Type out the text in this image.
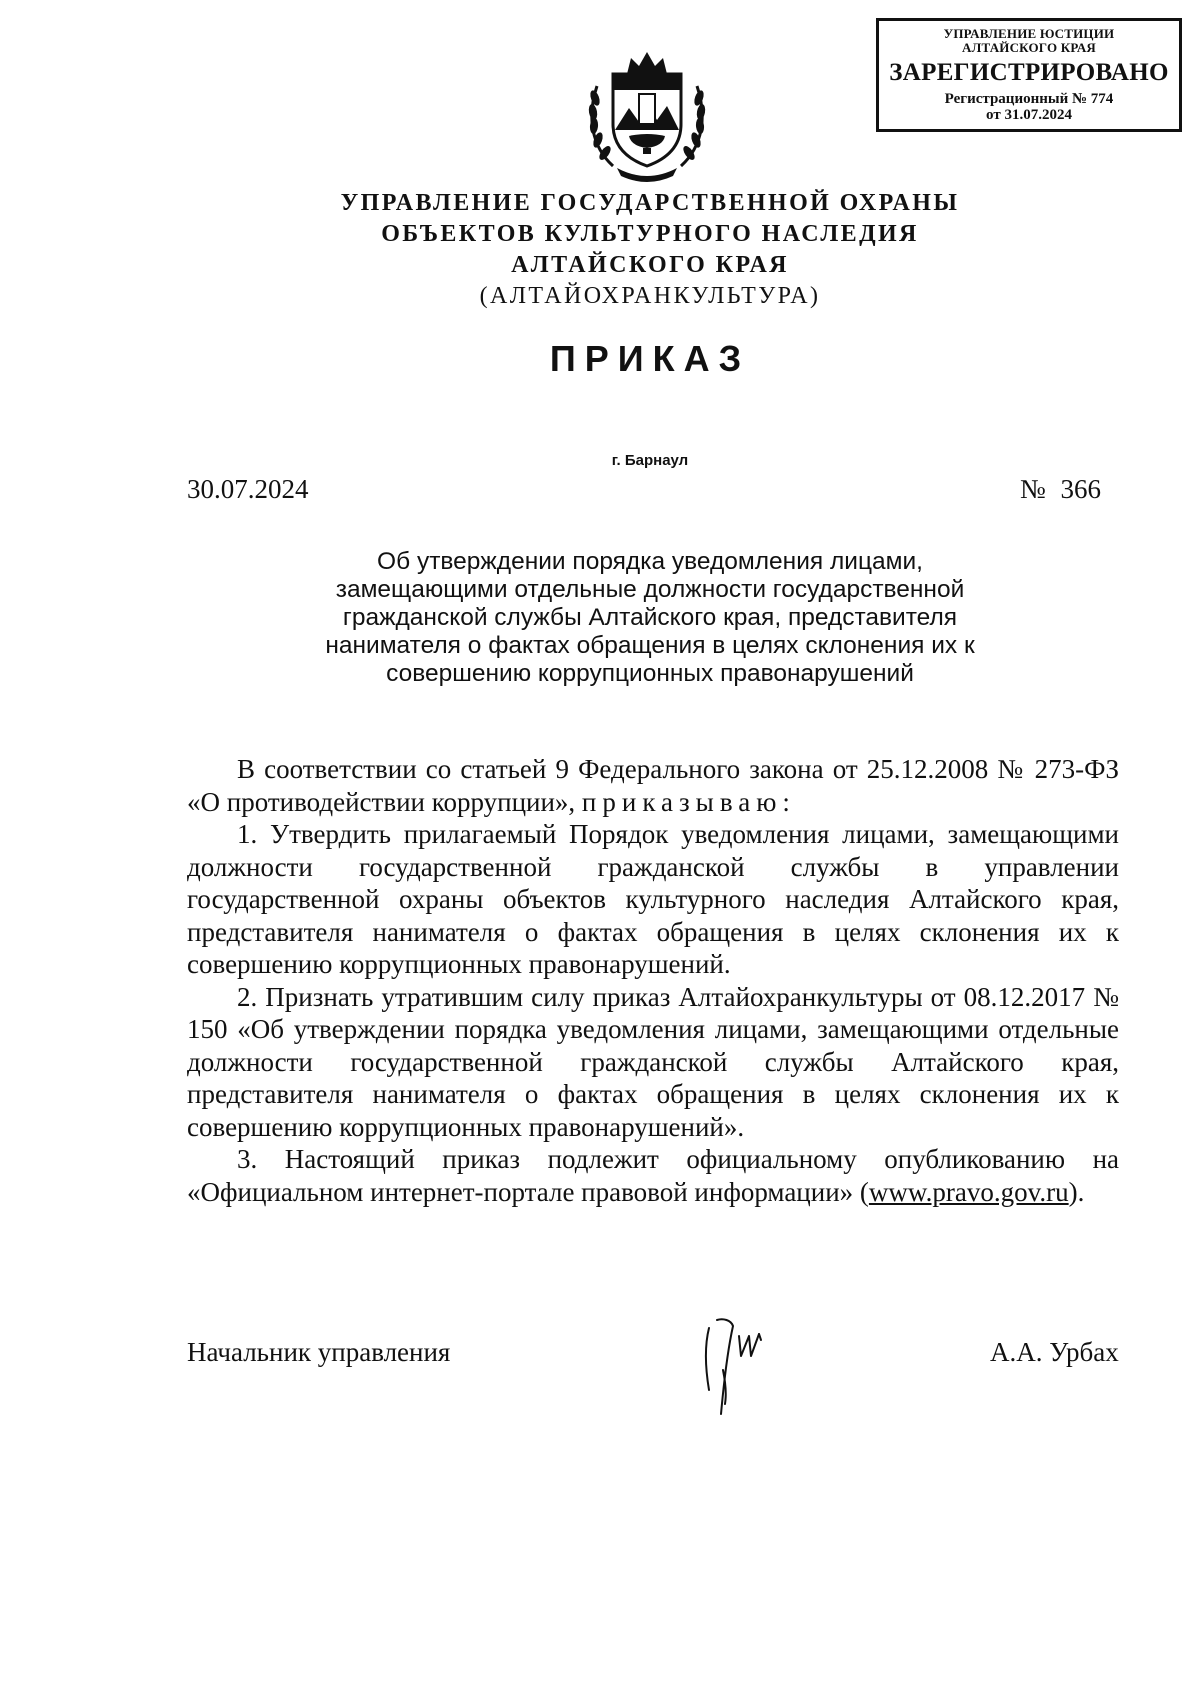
УПРАВЛЕНИЕ ЮСТИЦИИ
АЛТАЙСКОГО КРАЯ
ЗАРЕГИСТРИРОВАНО
Регистрационный № 774
от 31.07.2024
УПРАВЛЕНИЕ ГОСУДАРСТВЕННОЙ ОХРАНЫ
ОБЪЕКТОВ КУЛЬТУРНОГО НАСЛЕДИЯ
АЛТАЙСКОГО КРАЯ
(АЛТАЙОХРАНКУЛЬТУРА)
ПРИКАЗ
г. Барнаул
30.07.2024	№ 366
Об утверждении порядка уведомления лицами,
замещающими отдельные должности государственной
гражданской службы Алтайского края, представителя
нанимателя о фактах обращения в целях склонения их к
совершению коррупционных правонарушений

В соответствии со статьей 9 Федерального закона от 25.12.2008 № 273-ФЗ «О противодействии коррупции», приказываю:

1. Утвердить прилагаемый Порядок уведомления лицами, замещающими должности государственной гражданской службы в управлении государственной охраны объектов культурного наследия Алтайского края, представителя нанимателя о фактах обращения в целях склонения их к совершению коррупционных правонарушений.

2. Признать утратившим силу приказ Алтайохранкультуры от 08.12.2017 № 150 «Об утверждении порядка уведомления лицами, замещающими отдельные должности государственной гражданской службы Алтайского края, представителя нанимателя о фактах обращения в целях склонения их к совершению коррупционных правонарушений».

3. Настоящий приказ подлежит официальному опубликованию на «Официальном интернет-портале правовой информации» (www.pravo.gov.ru).

Начальник управления	А.А. Урбах
